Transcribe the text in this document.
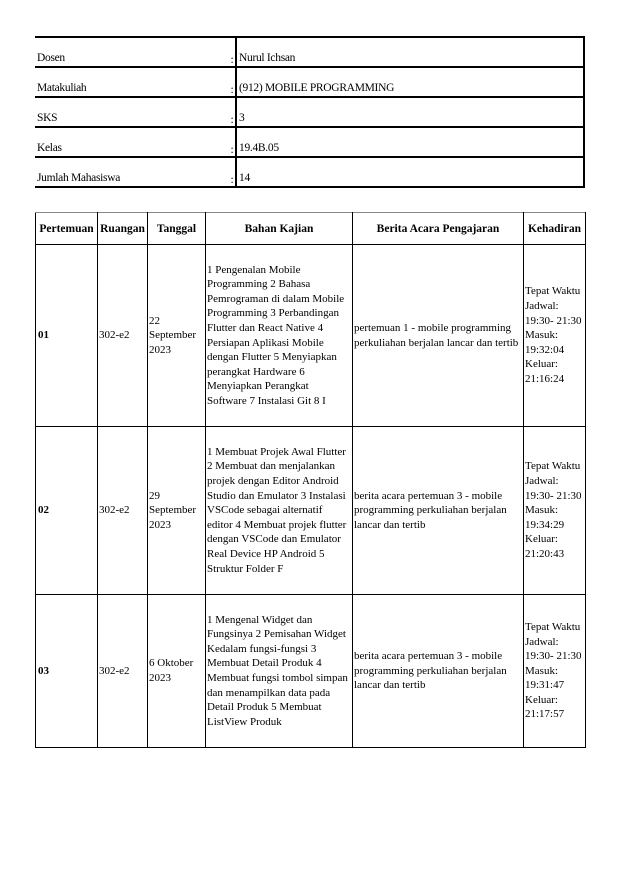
Dosen	:	Nurul Ichsan
Matakuliah	:	(912) MOBILE PROGRAMMING
SKS	:	3
Kelas	:	19.4B.05
Jumlah Mahasiswa	:	14
Pertemuan	Ruangan	Tanggal	Bahan Kajian	Berita Acara Pengajaran	Kehadiran
01	302-e2	22 September 2023	1 Pengenalan Mobile Programming 2 Bahasa Pemrograman di dalam Mobile Programming 3 Perbandingan Flutter dan React Native 4 Persiapan Aplikasi Mobile dengan Flutter 5 Menyiapkan perangkat Hardware 6 Menyiapkan Perangkat Software 7 Instalasi Git 8 I	pertemuan 1 - mobile programming perkuliahan berjalan lancar dan tertib	Tepat Waktu Jadwal: 19:30- 21:30 Masuk: 19:32:04 Keluar: 21:16:24
02	302-e2	29 September 2023	1 Membuat Projek Awal Flutter 2 Membuat dan menjalankan projek dengan Editor Android Studio dan Emulator 3 Instalasi VSCode sebagai alternatif editor 4 Membuat projek flutter dengan VSCode dan Emulator Real Device HP Android 5 Struktur Folder F	berita acara pertemuan 3 - mobile programming perkuliahan berjalan lancar dan tertib	Tepat Waktu Jadwal: 19:30- 21:30 Masuk: 19:34:29 Keluar: 21:20:43
03	302-e2	6 Oktober 2023	1 Mengenal Widget dan Fungsinya 2 Pemisahan Widget Kedalam fungsi-fungsi 3 Membuat Detail Produk 4 Membuat fungsi tombol simpan dan menampilkan data pada Detail Produk 5 Membuat ListView Produk	berita acara pertemuan 3 - mobile programming perkuliahan berjalan lancar dan tertib	Tepat Waktu Jadwal: 19:30- 21:30 Masuk: 19:31:47 Keluar: 21:17:57
